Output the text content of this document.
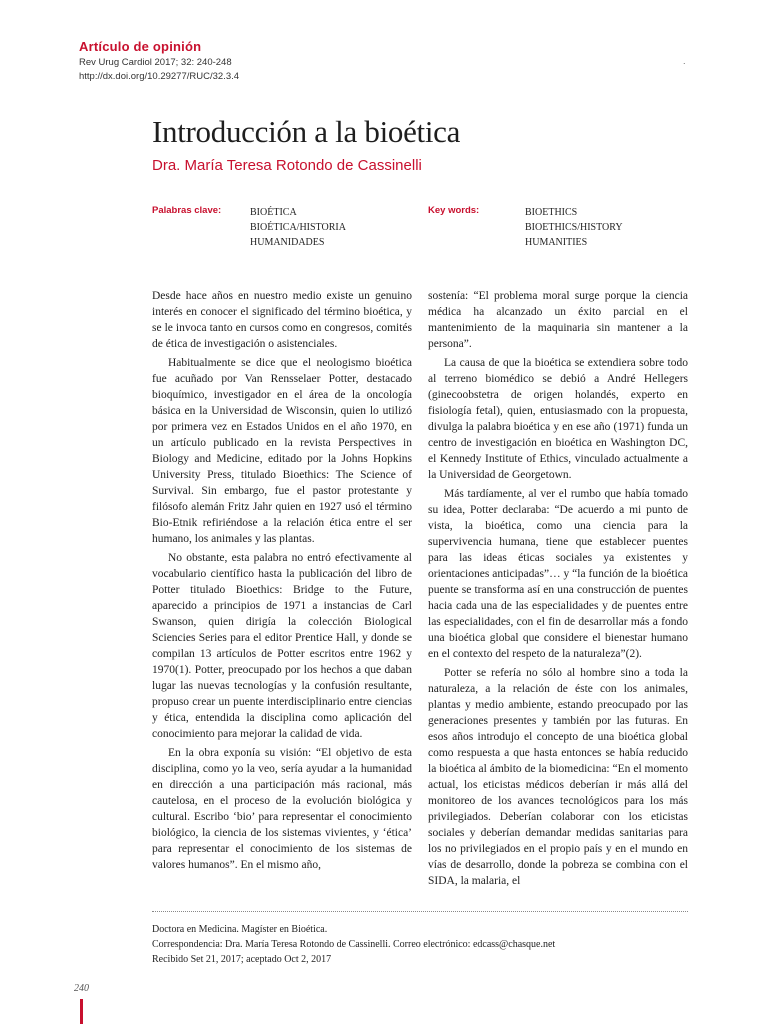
Artículo de opinión
Rev Urug Cardiol 2017; 32: 240-248
http://dx.doi.org/10.29277/RUC/32.3.4
.
Introducción a la bioética
Dra. María Teresa Rotondo de Cassinelli
Palabras clave:	BIOÉTICA
BIOÉTICA/HISTORIA
HUMANIDADES
Key words:	BIOETHICS
BIOETHICS/HISTORY
HUMANITIES

Desde hace años en nuestro medio existe un genuino interés en conocer el significado del término bioética, y se le invoca tanto en cursos como en congresos, comités de ética de investigación o asistenciales.

Habitualmente se dice que el neologismo bioética fue acuñado por Van Rensselaer Potter, destacado bioquímico, investigador en el área de la oncología básica en la Universidad de Wisconsin, quien lo utilizó por primera vez en Estados Unidos en el año 1970, en un artículo publicado en la revista Perspectives in Biology and Medicine, editado por la Johns Hopkins University Press, titulado Bioethics: The Science of Survival. Sin embargo, fue el pastor protestante y filósofo alemán Fritz Jahr quien en 1927 usó el término Bio-Etnik refiriéndose a la relación ética entre el ser humano, los animales y las plantas.

No obstante, esta palabra no entró efectivamente al vocabulario científico hasta la publicación del libro de Potter titulado Bioethics: Bridge to the Future, aparecido a principios de 1971 a instancias de Carl Swanson, quien dirigía la colección Biological Sciencies Series para el editor Prentice Hall, y donde se compilan 13 artículos de Potter escritos entre 1962 y 1970(1). Potter, preocupado por los hechos a que daban lugar las nuevas tecnologías y la confusión resultante, propuso crear un puente interdisciplinario entre ciencias y ética, entendida la disciplina como aplicación del conocimiento para mejorar la calidad de vida.

En la obra exponía su visión: “El objetivo de esta disciplina, como yo la veo, sería ayudar a la humanidad en dirección a una participación más racional, más cautelosa, en el proceso de la evolución biológica y cultural. Escribo ‘bio’ para representar el conocimiento biológico, la ciencia de los sistemas vivientes, y ‘ética’ para representar el conocimiento de los sistemas de valores humanos”. En el mismo año,

sostenía: “El problema moral surge porque la ciencia médica ha alcanzado un éxito parcial en el mantenimiento de la maquinaria sin mantener a la persona”.

La causa de que la bioética se extendiera sobre todo al terreno biomédico se debió a André Hellegers (ginecoobstetra de origen holandés, experto en fisiología fetal), quien, entusiasmado con la propuesta, divulga la palabra bioética y en ese año (1971) funda un centro de investigación en bioética en Washington DC, el Kennedy Institute of Ethics, vinculado actualmente a la Universidad de Georgetown.

Más tardíamente, al ver el rumbo que había tomado su idea, Potter declaraba: “De acuerdo a mi punto de vista, la bioética, como una ciencia para la supervivencia humana, tiene que establecer puentes para las ideas éticas sociales ya existentes y orientaciones anticipadas”… y “la función de la bioética puente se transforma así en una construcción de puentes hacia cada una de las especialidades y de puentes entre las especialidades, con el fin de desarrollar más a fondo una bioética global que considere el bienestar humano en el contexto del respeto de la naturaleza”(2).

Potter se refería no sólo al hombre sino a toda la naturaleza, a la relación de éste con los animales, plantas y medio ambiente, estando preocupado por las generaciones presentes y también por las futuras. En esos años introdujo el concepto de una bioética global como respuesta a que hasta entonces se había reducido la bioética al ámbito de la biomedicina: “En el momento actual, los eticistas médicos deberían ir más allá del monitoreo de los avances tecnológicos para los más privilegiados. Deberían colaborar con los eticistas sociales y deberían demandar medidas sanitarias para los no privilegiados en el propio país y en el mundo en vías de desarrollo, donde la pobreza se combina con el SIDA, la malaria, el

Doctora en Medicina. Magíster en Bioética.
Correspondencia: Dra. María Teresa Rotondo de Cassinelli. Correo electrónico: edcass@chasque.net
Recibido Set 21, 2017; aceptado Oct 2, 2017
240
